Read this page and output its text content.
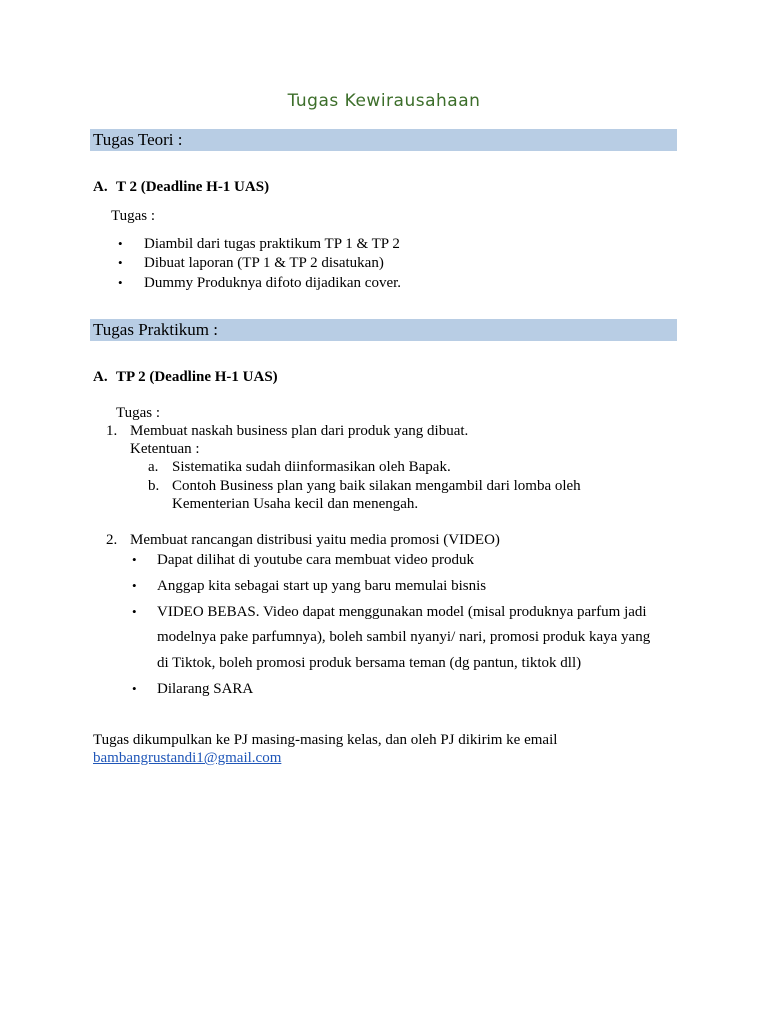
Tugas Kewirausahaan
Tugas Teori :
A. T 2 (Deadline H-1 UAS)
Tugas :
• Diambil dari tugas praktikum TP 1 & TP 2
• Dibuat laporan (TP 1 & TP 2 disatukan)
• Dummy Produknya difoto dijadikan cover.
Tugas Praktikum :
A. TP 2 (Deadline H-1 UAS)
Tugas :
1. Membuat naskah business plan dari produk yang dibuat.
Ketentuan :
a. Sistematika sudah diinformasikan oleh Bapak.
b. Contoh Business plan yang baik silakan mengambil dari lomba oleh
Kementerian Usaha kecil dan menengah.
2. Membuat rancangan distribusi yaitu media promosi (VIDEO)
• Dapat dilihat di youtube cara membuat video produk
• Anggap kita sebagai start up yang baru memulai bisnis
• VIDEO BEBAS. Video dapat menggunakan model (misal produknya parfum jadi
modelnya pake parfumnya), boleh sambil nyanyi/ nari, promosi produk kaya yang
di Tiktok, boleh promosi produk bersama teman (dg pantun, tiktok dll)
• Dilarang SARA
Tugas dikumpulkan ke PJ masing-masing kelas, dan oleh PJ dikirim ke email
bambangrustandi1@gmail.com
